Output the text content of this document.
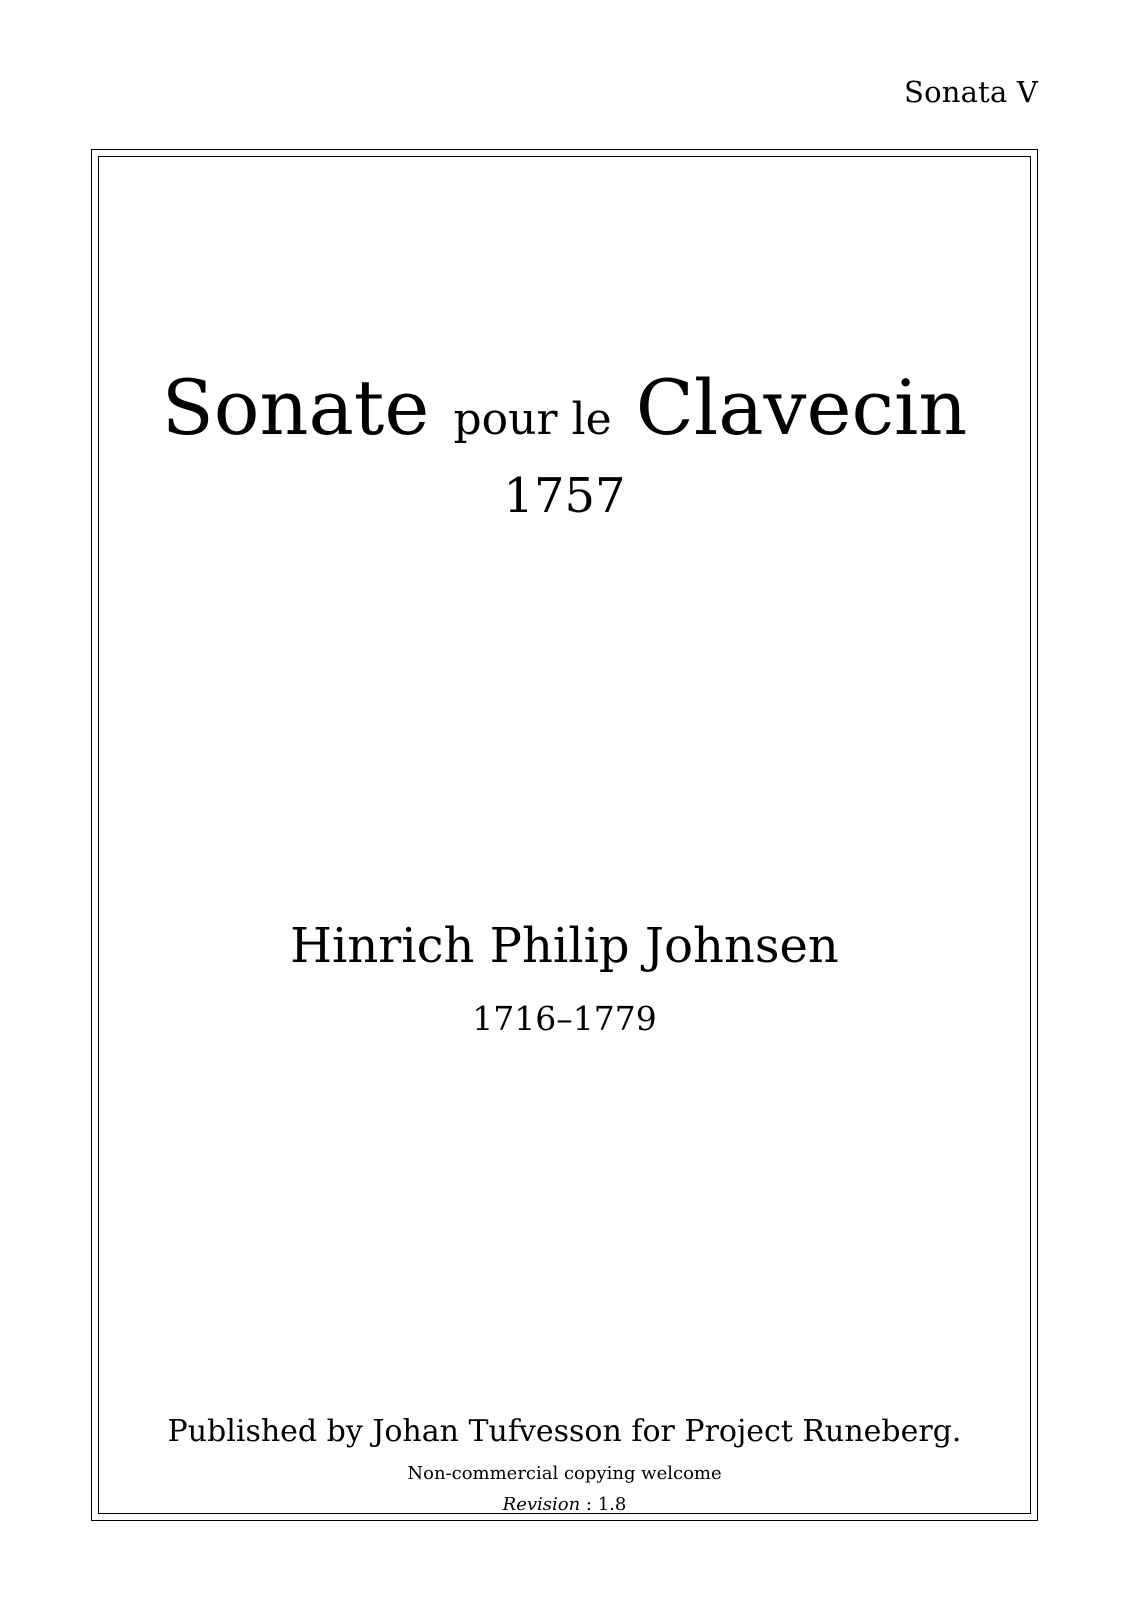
Sonata V
Sonate pour le Clavecin
1757
Hinrich Philip Johnsen
1716–1779
Published by Johan Tufvesson for Project Runeberg.
Non-commercial copying welcome
Revision : 1.8
